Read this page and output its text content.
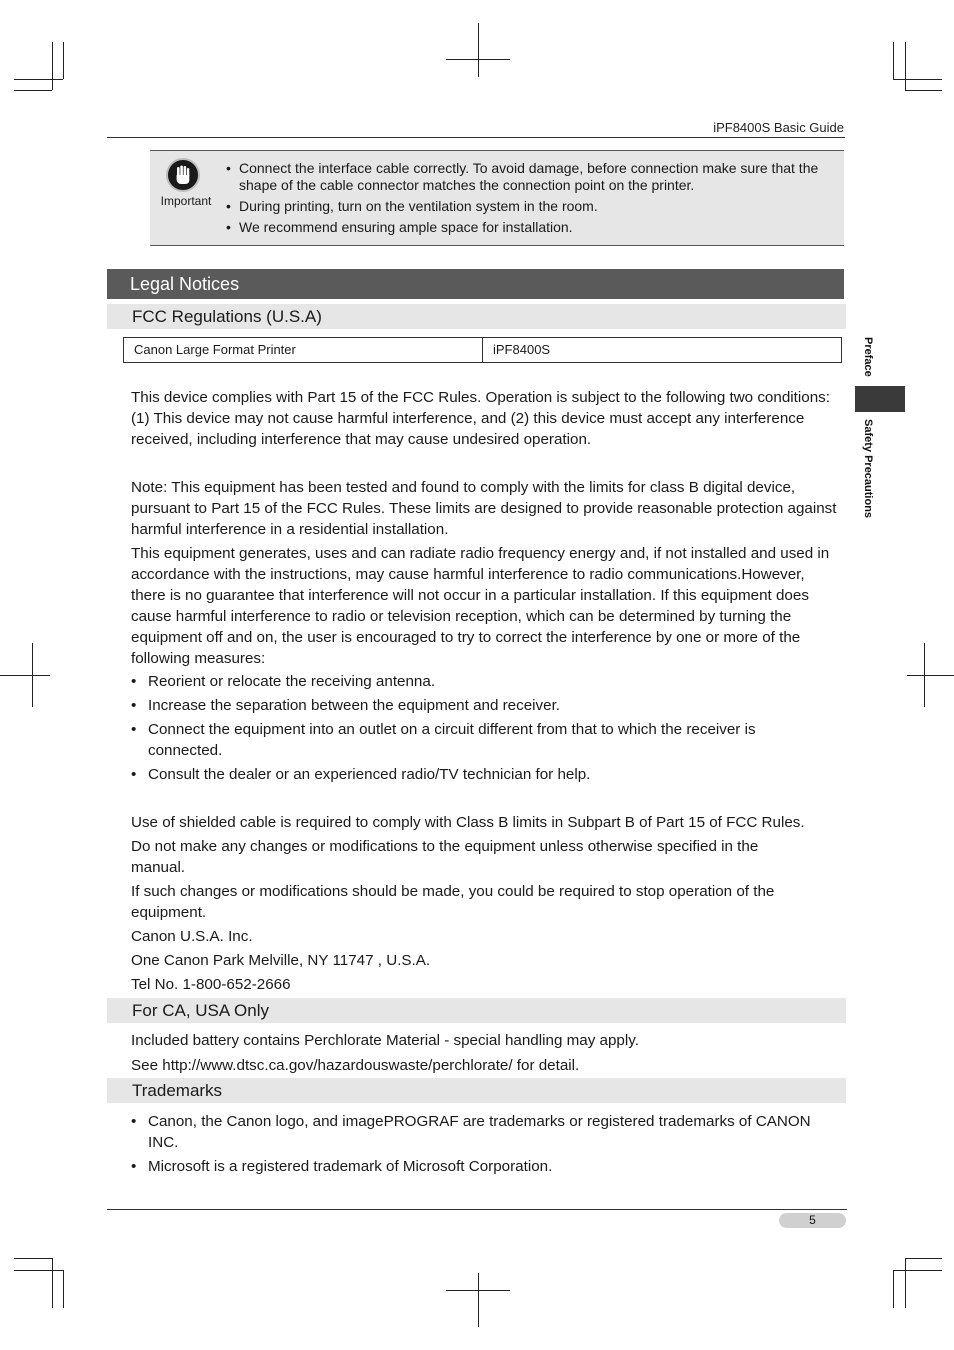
iPF8400S Basic Guide
Important
• Connect the interface cable correctly. To avoid damage, before connection make sure that the shape of the cable connector matches the connection point on the printer.
• During printing, turn on the ventilation system in the room.
• We recommend ensuring ample space for installation.
Legal Notices
FCC Regulations (U.S.A)
Canon Large Format Printer	iPF8400S

This device complies with Part 15 of the FCC Rules. Operation is subject to the following two conditions: (1) This device may not cause harmful interference, and (2) this device must accept any interference received, including interference that may cause undesired operation.

Note: This equipment has been tested and found to comply with the limits for class B digital device, pursuant to Part 15 of the FCC Rules. These limits are designed to provide reasonable protection against harmful interference in a residential installation.

This equipment generates, uses and can radiate radio frequency energy and, if not installed and used in accordance with the instructions, may cause harmful interference to radio communications.However, there is no guarantee that interference will not occur in a particular installation. If this equipment does cause harmful interference to radio or television reception, which can be determined by turning the equipment off and on, the user is encouraged to try to correct the interference by one or more of the following measures:

• Reorient or relocate the receiving antenna.
• Increase the separation between the equipment and receiver.
• Connect the equipment into an outlet on a circuit different from that to which the receiver is connected.
• Consult the dealer or an experienced radio/TV technician for help.

Use of shielded cable is required to comply with Class B limits in Subpart B of Part 15 of FCC Rules.

Do not make any changes or modifications to the equipment unless otherwise specified in the manual.

If such changes or modifications should be made, you could be required to stop operation of the equipment.

Canon U.S.A. Inc.

One Canon Park Melville, NY 11747 , U.S.A.

Tel No. 1-800-652-2666

For CA, USA Only

Included battery contains Perchlorate Material - special handling may apply.

See http://www.dtsc.ca.gov/hazardouswaste/perchlorate/ for detail.

Trademarks
• Canon, the Canon logo, and imagePROGRAF are trademarks or registered trademarks of CANON INC.
• Microsoft is a registered trademark of Microsoft Corporation.
5
Preface
Safety Precautions
